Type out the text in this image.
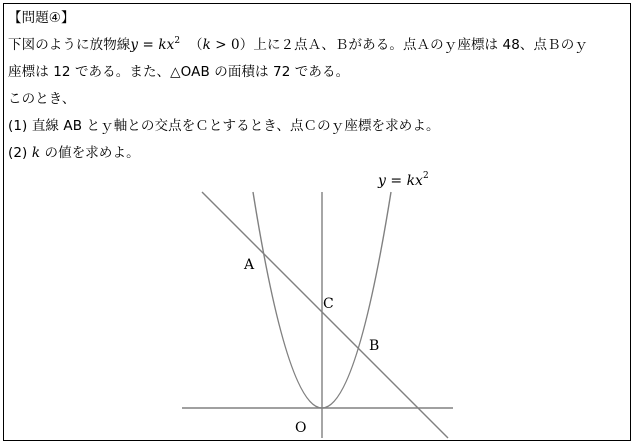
【問題④】
下図のように放物線$y = kx^2$ （k > 0）上に２点Ａ、Ｂがある。点Ａのｙ座標は 48、点Ｂのｙ
座標は 12 である。また、△OAB の面積は 72 である。
このとき、
(1) 直線 AB とｙ軸との交点をＣとするとき、点Ｃのｙ座標を求めよ。
(2) k の値を求めよ。
$y = kx^2$
A
B
C
O
